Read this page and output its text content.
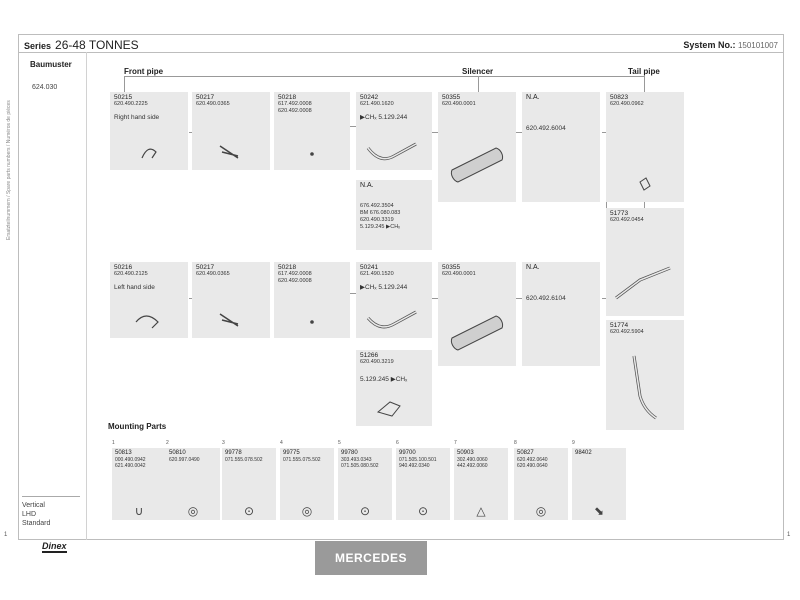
Series 26-48 TONNES	System No.: 150101007
Ersatzteilnummern / Spare parts numbers / Numéros de pièces
Baumuster
624.030
Vertical
LHD
Standard
Front pipe	Silencer	Tail pipe
50215
620.490.2225
Right hand side
50217
620.490.0365
50218
617.492.0008
620.492.0008
50242
621.490.1620
▶CHₓ 5.129.244
50355
620.490.0001
N.A.
620.492.6004
50823
620.490.0962
N.A.
676.492.3504
BM 676.080.083
620.490.3319
5.129.245 ▶CHₓ
51773
620.492.0454
50216
620.490.2125
Left hand side
50217
620.490.0365
50218
617.492.0008
620.492.0008
50241
621.490.1520
▶CHₓ 5.129.244
50355
620.490.0001
N.A.
620.492.6104
51774
620.492.5904
51266
620.490.3219
5.129.245 ▶CHₓ
Mounting Parts
1
50813
000.490.0942
621.490.0042
∪
2
50810
620.997.0490
◎
3
99778
071.555.078.502
⊙
4
99775
071.555.075.502
◎
5
99780
303.493.0343
071.505.080.502
⊙
6
99700
071.505.100.501
940.492.0340
⊙
7
50903
302.490.0060
442.492.0060
△
8
50827
620.492.0640
620.490.0640
◎
9
98402
⬊
1	1
Dinex
MERCEDES
